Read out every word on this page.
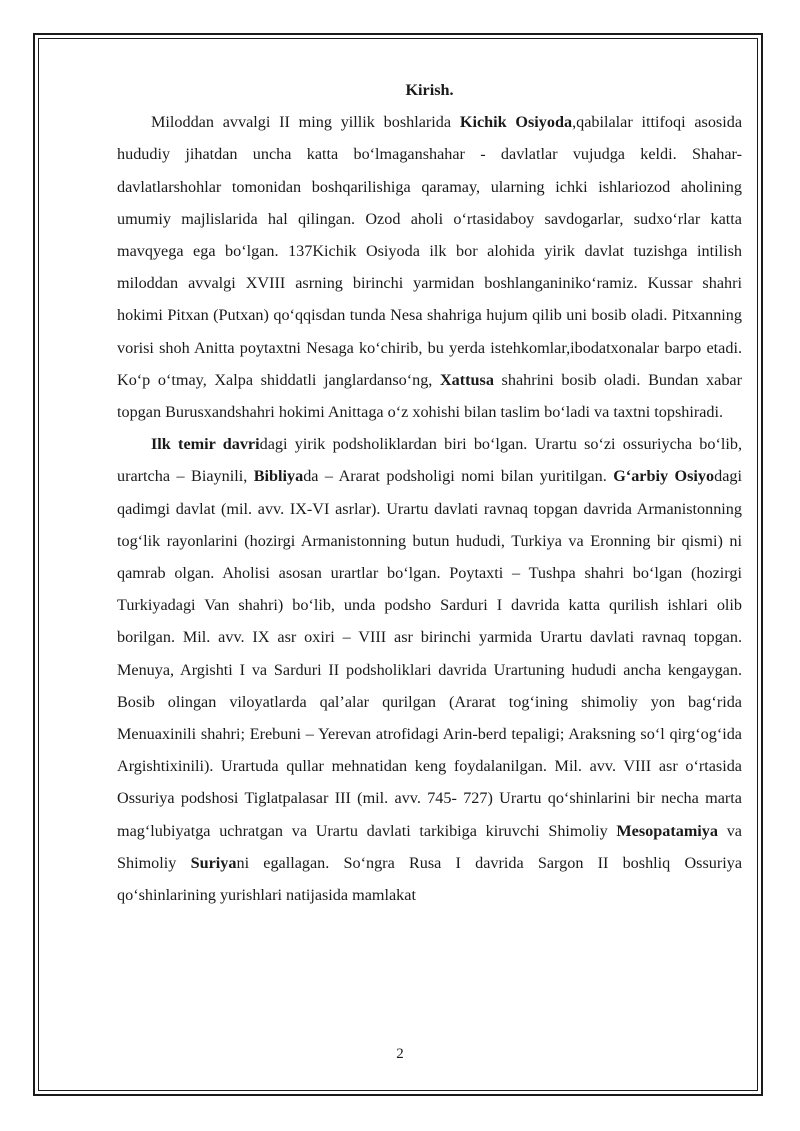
Kirish.

Miloddan avvalgi II ming yillik boshlarida Kichik Osiyoda,qabilalar ittifoqi asosida hududiy jihatdan uncha katta bo‘lmaganshahar - davlatlar vujudga keldi. Shahar-davlatlarshohlar tomonidan boshqarilishiga qaramay, ularning ichki ishlariozod aholining umumiy majlislarida hal qilingan. Ozod aholi o‘rtasidaboy savdogarlar, sudxo‘rlar katta mavqyega ega bo‘lgan. 137Kichik Osiyoda ilk bor alohida yirik davlat tuzishga intilish miloddan avvalgi XVIII asrning birinchi yarmidan boshlanganiniko‘ramiz. Kussar shahri hokimi Pitxan (Putxan) qo‘qqisdan tunda Nesa shahriga hujum qilib uni bosib oladi. Pitxanning vorisi shoh Anitta poytaxtni Nesaga ko‘chirib, bu yerda istehkomlar,ibodatxonalar barpo etadi. Ko‘p o‘tmay, Xalpa shiddatli janglardanso‘ng, Xattusa shahrini bosib oladi. Bundan xabar topgan Burusxandshahri hokimi Anittaga o‘z xohishi bilan taslim bo‘ladi va taxtni topshiradi.

Ilk temir davridagi yirik podsholiklardan biri bo‘lgan. Urartu so‘zi ossuriycha bo‘lib, urartcha – Biaynili, Bibliyada – Ararat podsholigi nomi bilan yuritilgan. G‘arbiy Osiyodagi qadimgi davlat (mil. avv. IX-VI asrlar). Urartu davlati ravnaq topgan davrida Armanistonning tog‘lik rayonlarini (hozirgi Armanistonning butun hududi, Turkiya va Eronning bir qismi) ni qamrab olgan. Aholisi asosan urartlar bo‘lgan. Poytaxti – Tushpa shahri bo‘lgan (hozirgi Turkiyadagi Van shahri) bo‘lib, unda podsho Sarduri I davrida katta qurilish ishlari olib borilgan. Mil. avv. IX asr oxiri – VIII asr birinchi yarmida Urartu davlati ravnaq topgan. Menuya, Argishti I va Sarduri II podsholiklari davrida Urartuning hududi ancha kengaygan. Bosib olingan viloyatlarda qal’alar qurilgan (Ararat tog‘ining shimoliy yon bag‘rida Menuaxinili shahri; Erebuni – Yerevan atrofidagi Arin-berd tepaligi; Araksning so‘l qirg‘og‘ida Argishtixinili). Urartuda qullar mehnatidan keng foydalanilgan. Mil. avv. VIII asr o‘rtasida Ossuriya podshosi Tiglatpalasar III (mil. avv. 745- 727) Urartu qo‘shinlarini bir necha marta mag‘lubiyatga uchratgan va Urartu davlati tarkibiga kiruvchi Shimoliy Mesopatamiya va Shimoliy Suriyani egallagan. So‘ngra Rusa I davrida Sargon II boshliq Ossuriya qo‘shinlarining yurishlari natijasida mamlakat

2
